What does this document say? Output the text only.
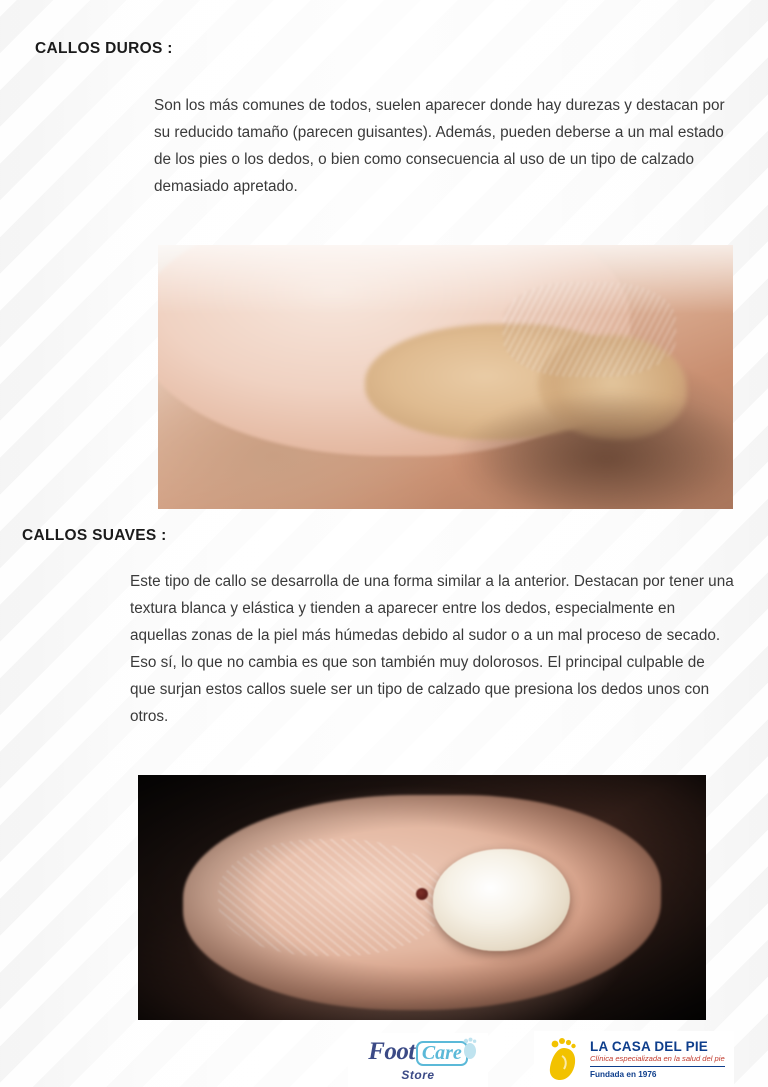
CALLOS DUROS :
Son los más comunes de todos, suelen aparecer donde hay durezas y destacan por su reducido tamaño (parecen guisantes). Además, pueden deberse a un mal estado de los pies o los dedos, o bien como consecuencia al uso de un tipo de calzado demasiado apretado.
CALLOS SUAVES :
Este tipo de callo se desarrolla de una forma similar a la anterior. Destacan por tener una textura blanca y elástica y tienden a aparecer entre los dedos, especialmente en aquellas zonas de la piel más húmedas debido al sudor o a un mal proceso de secado. Eso sí, lo que no cambia es que son también muy dolorosos. El principal culpable de que surjan estos callos suele ser un tipo de calzado que presiona los dedos unos con otros.
Foot Care
Store
LA CASA DEL PIE
Clínica especializada en la salud del pie
Fundada en 1976
